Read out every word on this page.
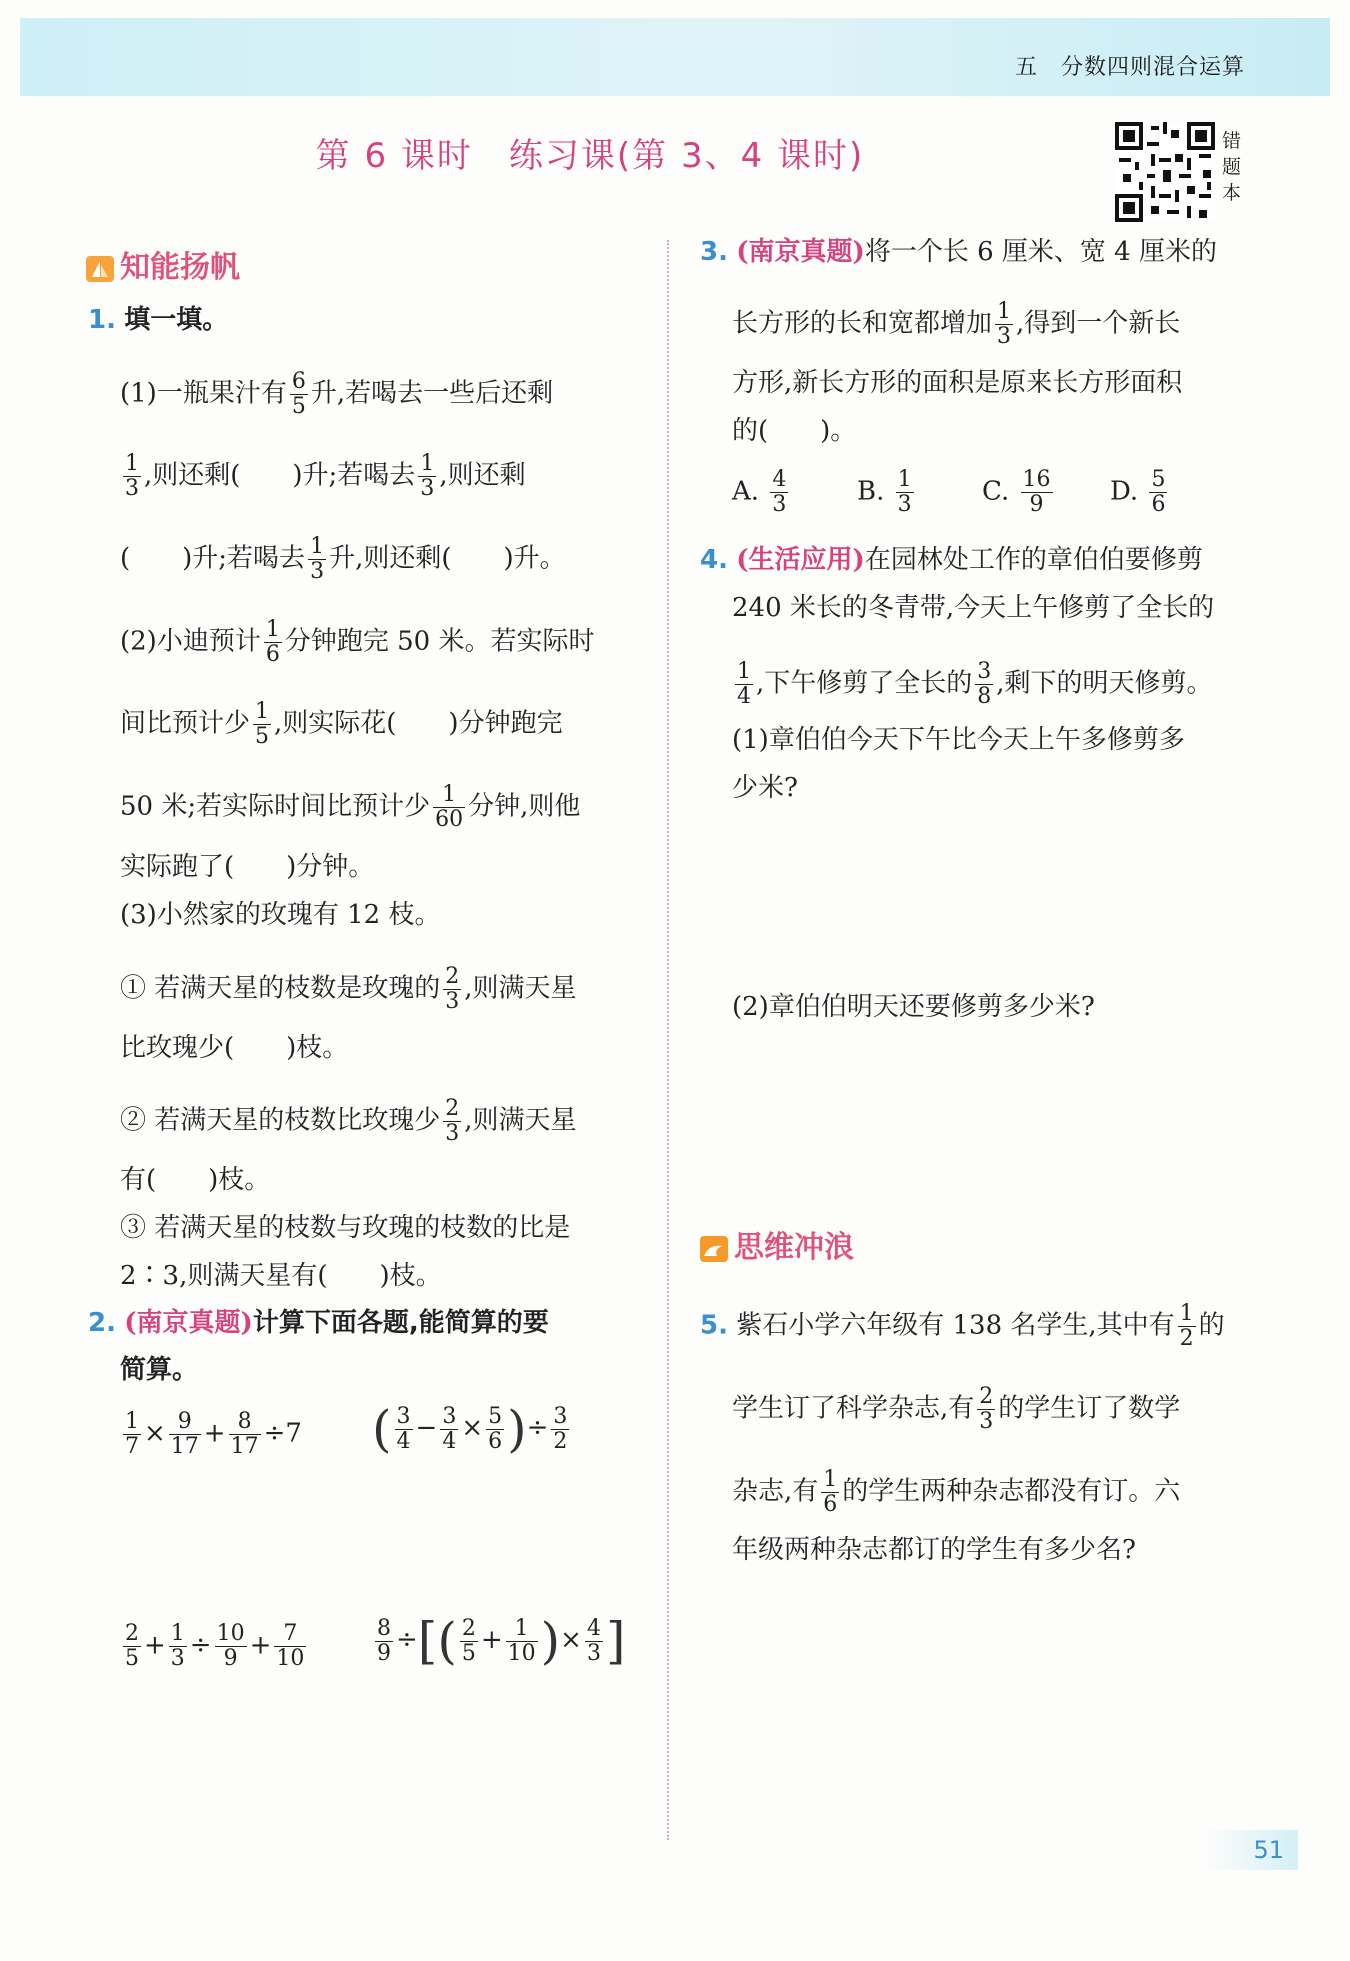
五　分数四则混合运算
第 6 课时　练习课(第 3、4 课时)	错题本
知能扬帆
1. 填一填。
(1)一瓶果汁有 $\frac{6}{5}$ 升,若喝去一些后还剩
$\frac{1}{3}$ ,则还剩(　　)升;若喝去 $\frac{1}{3}$ ,则还剩
(　　)升;若喝去 $\frac{1}{3}$ 升,则还剩(　　)升。
(2)小迪预计 $\frac{1}{6}$ 分钟跑完 50 米。若实际时
间比预计少 $\frac{1}{5}$ ,则实际花(　　)分钟跑完
50 米;若实际时间比预计少 $\frac{1}{60}$ 分钟,则他
实际跑了(　　)分钟。
(3)小然家的玫瑰有 12 枝。
① 若满天星的枝数是玫瑰的 $\frac{2}{3}$ ,则满天星
比玫瑰少(　　)枝。
② 若满天星的枝数比玫瑰少 $\frac{2}{3}$ ,则满天星
有(　　)枝。
③ 若满天星的枝数与玫瑰的枝数的比是
2∶3,则满天星有(　　)枝。
2. (南京真题)计算下面各题,能简算的要
简算。
$\frac{1}{7} \times \frac{9}{17} + \frac{8}{17} \div 7$ ( $\frac{3}{4} - \frac{3}{4} \times \frac{5}{6}$ )÷ $\frac{3}{2}$
$\frac{2}{5} + \frac{1}{3} \div \frac{10}{9} + \frac{7}{10}$	$\frac{8}{9}$ ÷[( $\frac{2}{5} + \frac{1}{10}$ )× $\frac{4}{3}$ ]
3. (南京真题)将一个长 6 厘米、宽 4 厘米的
长方形的长和宽都增加 $\frac{1}{3}$ ,得到一个新长
方形,新长方形的面积是原来长方形面积
的(　　)。
A. $\frac{4}{3}$	B. $\frac{1}{3}$	C. $\frac{16}{9} D$. $\frac{5}{6}$
4. (生活应用)在园林处工作的章伯伯要修剪
240 米长的冬青带,今天上午修剪了全长的
$\frac{1}{4}$ ,下午修剪了全长的 $\frac{3}{8}$ ,剩下的明天修剪。
(1)章伯伯今天下午比今天上午多修剪多
少米?
(2)章伯伯明天还要修剪多少米?
思维冲浪
5. 紫石小学六年级有 138 名学生,其中有 $\frac{1}{2}$ 的
学生订了科学杂志,有 $\frac{2}{3}$ 的学生订了数学
杂志,有 $\frac{1}{6}$ 的学生两种杂志都没有订。六
年级两种杂志都订的学生有多少名?
51
